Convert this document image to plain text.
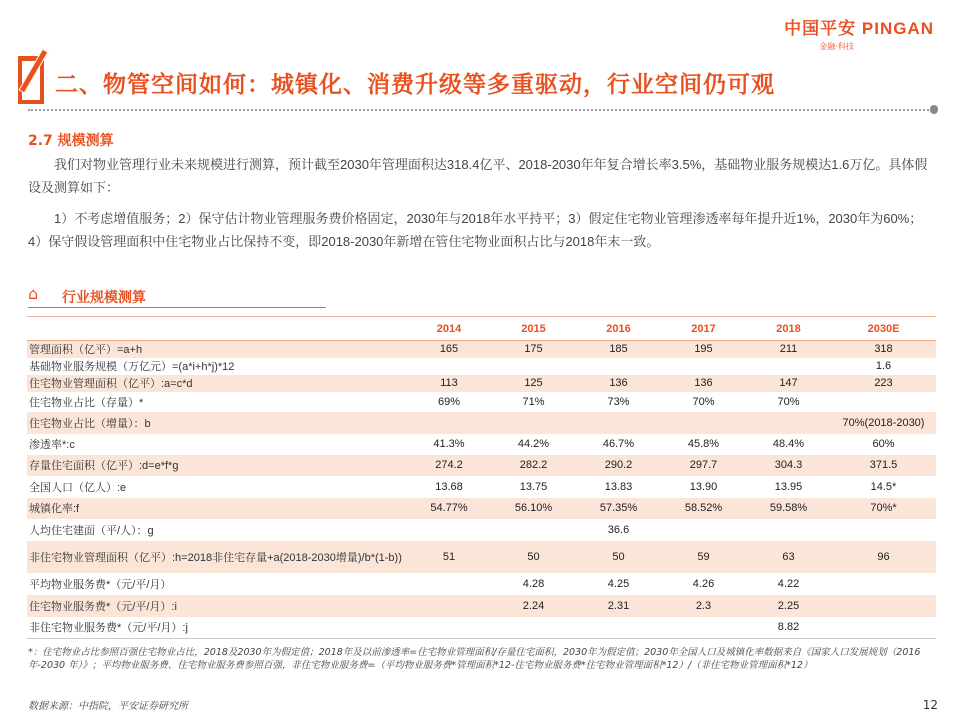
中国平安 PINGAN
金融·科技
二、物管空间如何：城镇化、消费升级等多重驱动，行业空间仍可观
2.7 规模测算
我们对物业管理行业未来规模进行测算，预计截至2030年管理面积达318.4亿平、2018-2030年年复合增长率3.5%，基础物业服务规模达1.6万亿。具体假设及测算如下：
1）不考虑增值服务；2）保守估计物业管理服务费价格固定，2030年与2018年水平持平；3）假定住宅物业管理渗透率每年提升近1%，2030年为60%；4）保守假设管理面积中住宅物业占比保持不变，即2018-2030年新增在管住宅物业面积占比与2018年末一致。
⌂	行业规模测算
	2014	2015	2016	2017	2018	2030E
管理面积（亿平）=a+h	165	175	185	195	211	318
基础物业服务规模（万亿元）=(a*i+h*j)*12						1.6
住宅物业管理面积（亿平）:a=c*d	113	125	136	136	147	223
住宅物业占比（存量）*	69%	71%	73%	70%	70%	
住宅物业占比（增量）：b						70%(2018-2030)
渗透率*:c	41.3%	44.2%	46.7%	45.8%	48.4%	60%
存量住宅面积（亿平）:d=e*f*g	274.2	282.2	290.2	297.7	304.3	371.5
全国人口（亿人）:e	13.68	13.75	13.83	13.90	13.95	14.5*
城镇化率:f	54.77%	56.10%	57.35%	58.52%	59.58%	70%*
人均住宅建面（平/人）：g			36.6			
非住宅物业管理面积（亿平）:h=2018非住宅存量+a(2018-2030增量)/b*(1-b))	51	50	50	59	63	96
平均物业服务费*（元/平/月）		4.28	4.25	4.26	4.22	
住宅物业服务费*（元/平/月）:i		2.24	2.31	2.3	2.25	
非住宅物业服务费*（元/平/月）:j					8.82	
*：住宅物业占比参照百强住宅物业占比，2018及2030年为假定值；2018年及以前渗透率=住宅物业管理面积/存量住宅面积，2030年为假定值；2030年全国人口及城镇化率数据来自《国家人口发展规划（2016年-2030 年）》；平均物业服务费、住宅物业服务费参照百强，非住宅物业服务费=（平均物业服务费*管理面积*12-住宅物业服务费*住宅物业管理面积*12）/（非住宅物业管理面积*12）
数据来源：中指院，平安证券研究所	12
